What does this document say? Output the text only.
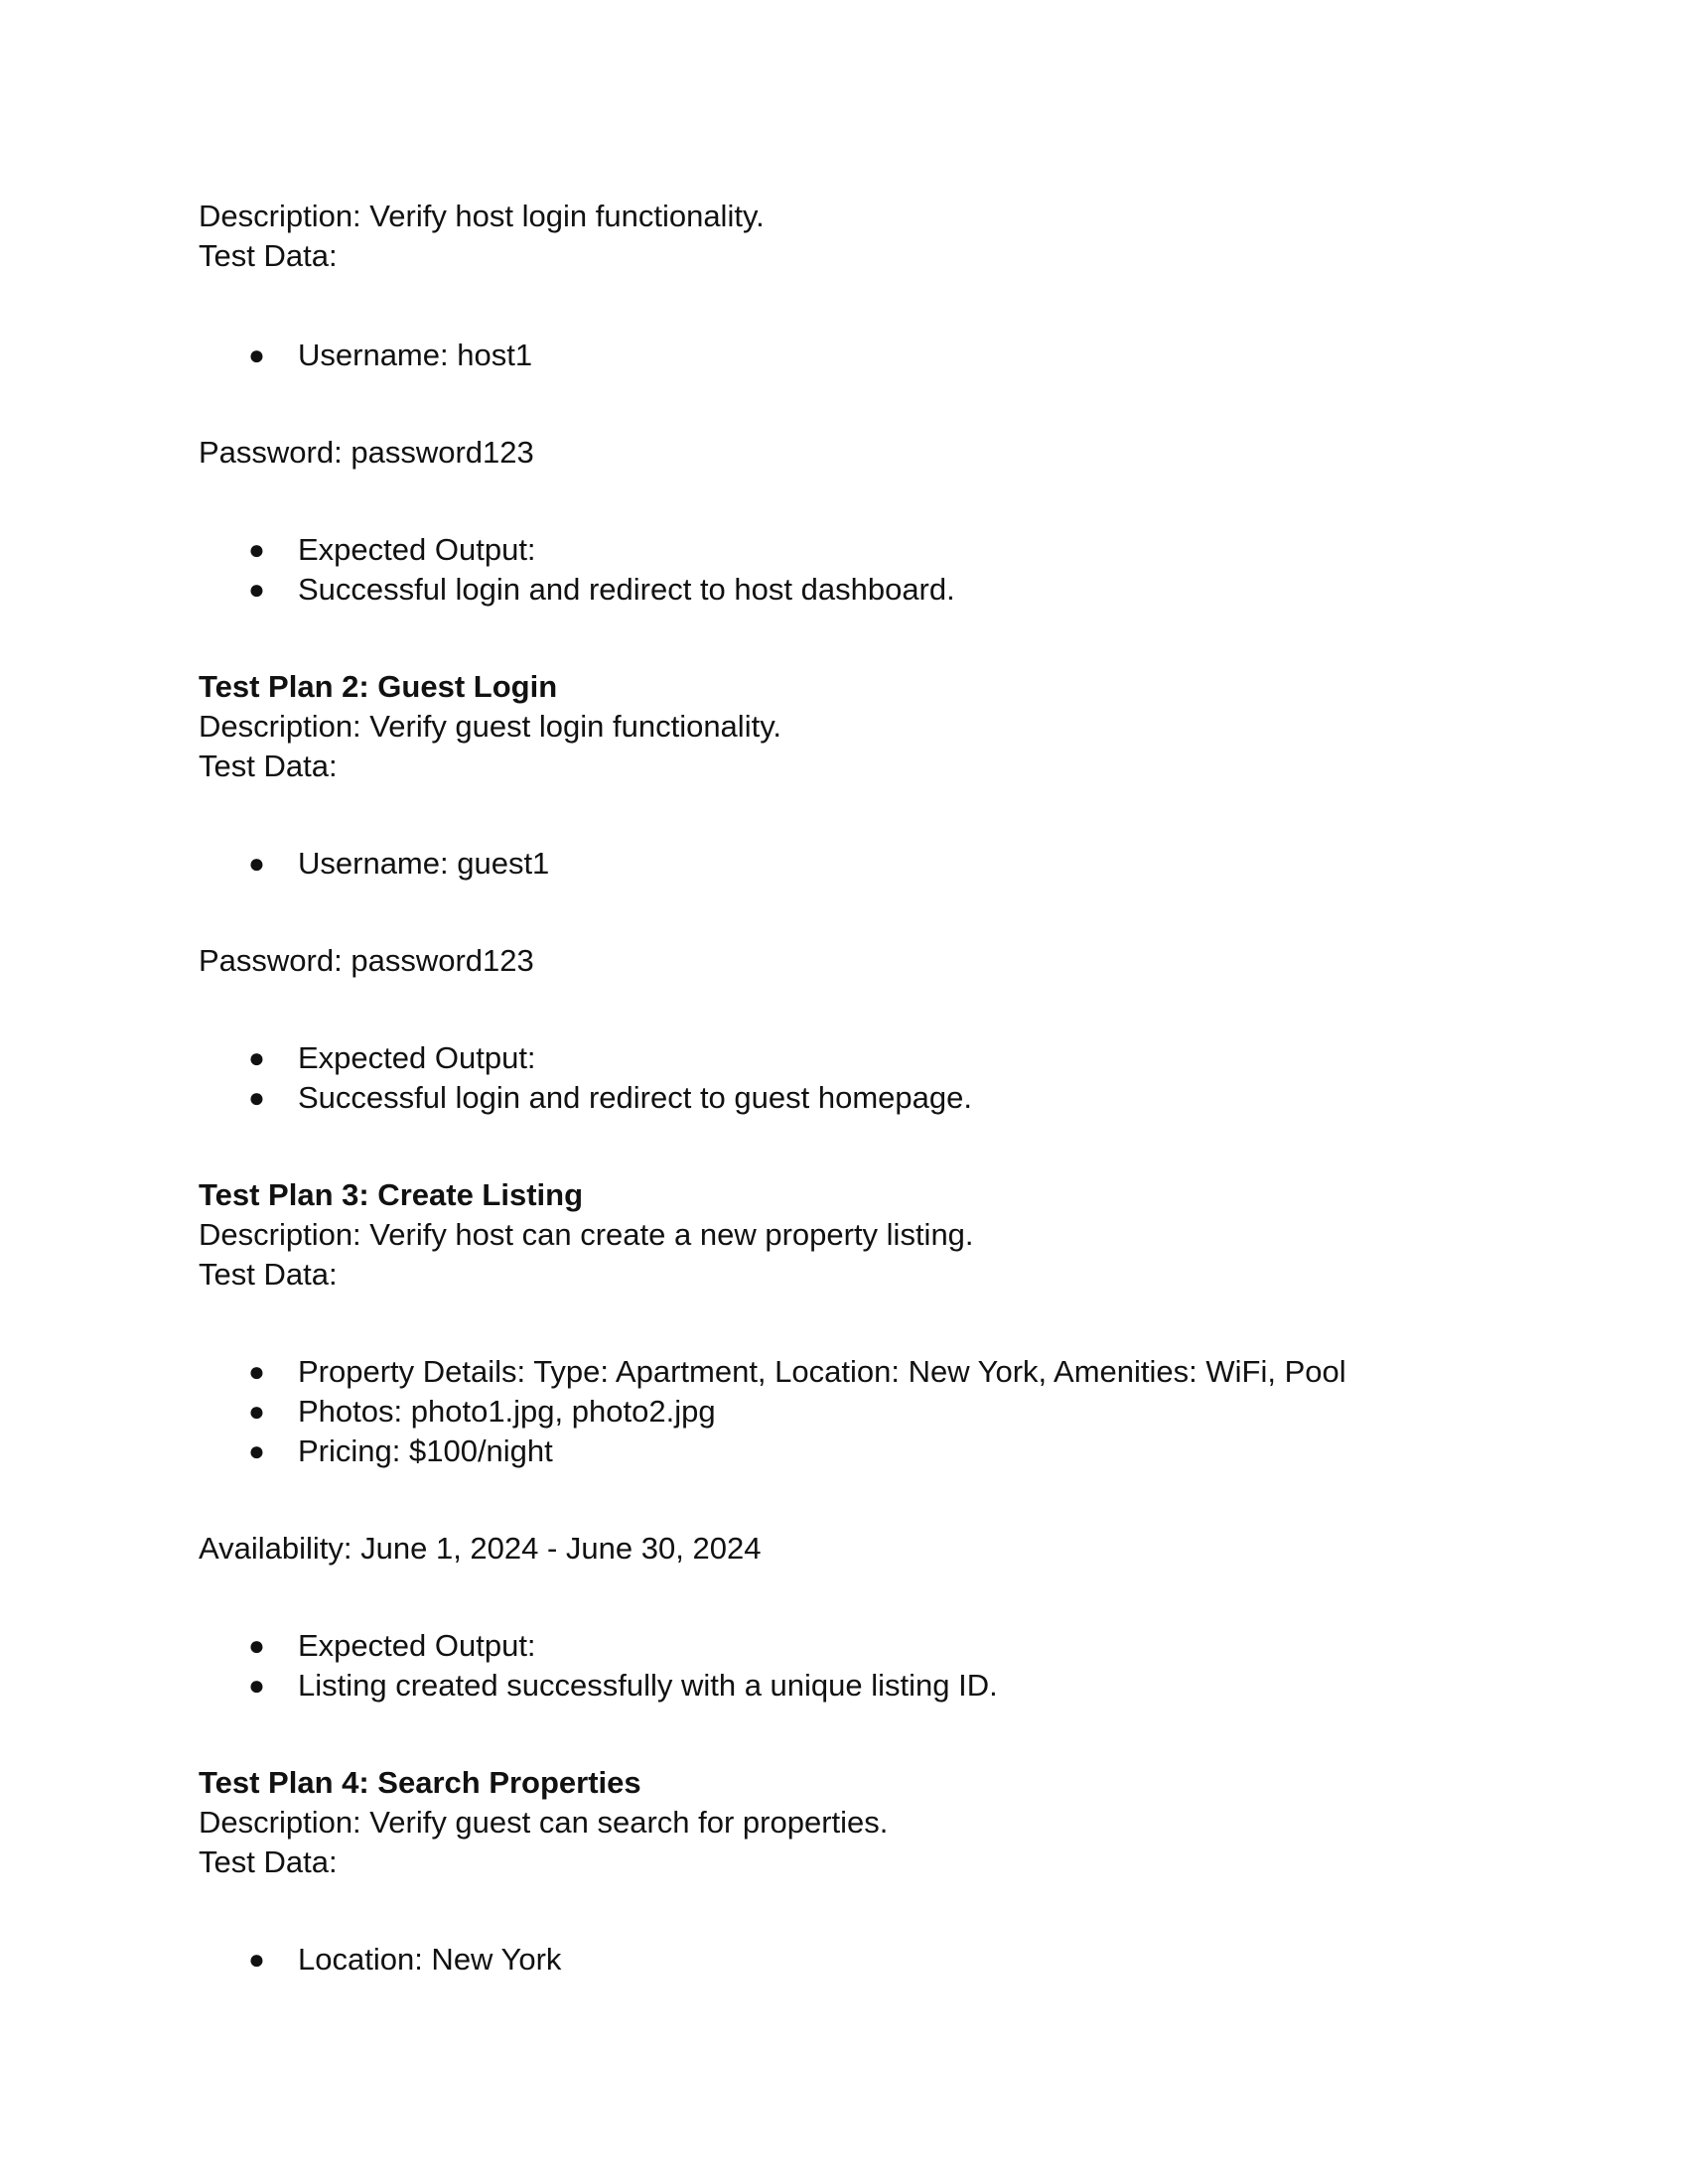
Description: Verify host login functionality.
Test Data:
● Username: host1
Password: password123
● Expected Output:
● Successful login and redirect to host dashboard.
Test Plan 2: Guest Login
Description: Verify guest login functionality.
Test Data:
● Username: guest1
Password: password123
● Expected Output:
● Successful login and redirect to guest homepage.
Test Plan 3: Create Listing
Description: Verify host can create a new property listing.
Test Data:
● Property Details: Type: Apartment, Location: New York, Amenities: WiFi, Pool
● Photos: photo1.jpg, photo2.jpg
● Pricing: $100/night
Availability: June 1, 2024 - June 30, 2024
● Expected Output:
● Listing created successfully with a unique listing ID.
Test Plan 4: Search Properties
Description: Verify guest can search for properties.
Test Data:
● Location: New York
